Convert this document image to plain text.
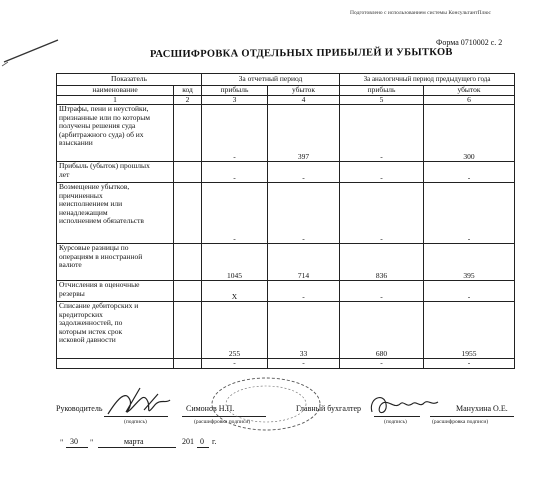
Подготовлено с использованием системы КонсультантПлюс
Форма 0710002 с. 2
РАСШИФРОВКА ОТДЕЛЬНЫХ ПРИБЫЛЕЙ И УБЫТКОВ
Показатель		За отчетный период		За аналогичный период предыдущего года	
наименование	код	прибыль	убыток	прибыль	убыток
1	2	3	4	5	6

Штрафы, пени и неустойки,
признанные или по которым
получены решения суда
(арбитражного суда) об их
взыскании		-	397	-	300

Прибыль (убыток) прошлых
лет		-	-	-	-

Возмещение убытков,
причиненных
неисполнением или
ненадлежащим
исполнением обязательств		-	-	-	-

Курсовые разницы по
операциям в иностранной
валюте		1045	714	836	395

Отчисления в оценочные
резервы		X	-	-	-

Списание дебиторских и
кредиторских
задолженностей, по
которым истек срок
исковой давности		255	33	680	1955

		-	-	-	-
Руководитель	Симонов Н.П.
(подпись)	(расшифровка подписи)
Главный бухгалтер	Манухина О.Е.
(подпись)	(расшифровка подписи)
" 30 "	марта	201 0 г.
